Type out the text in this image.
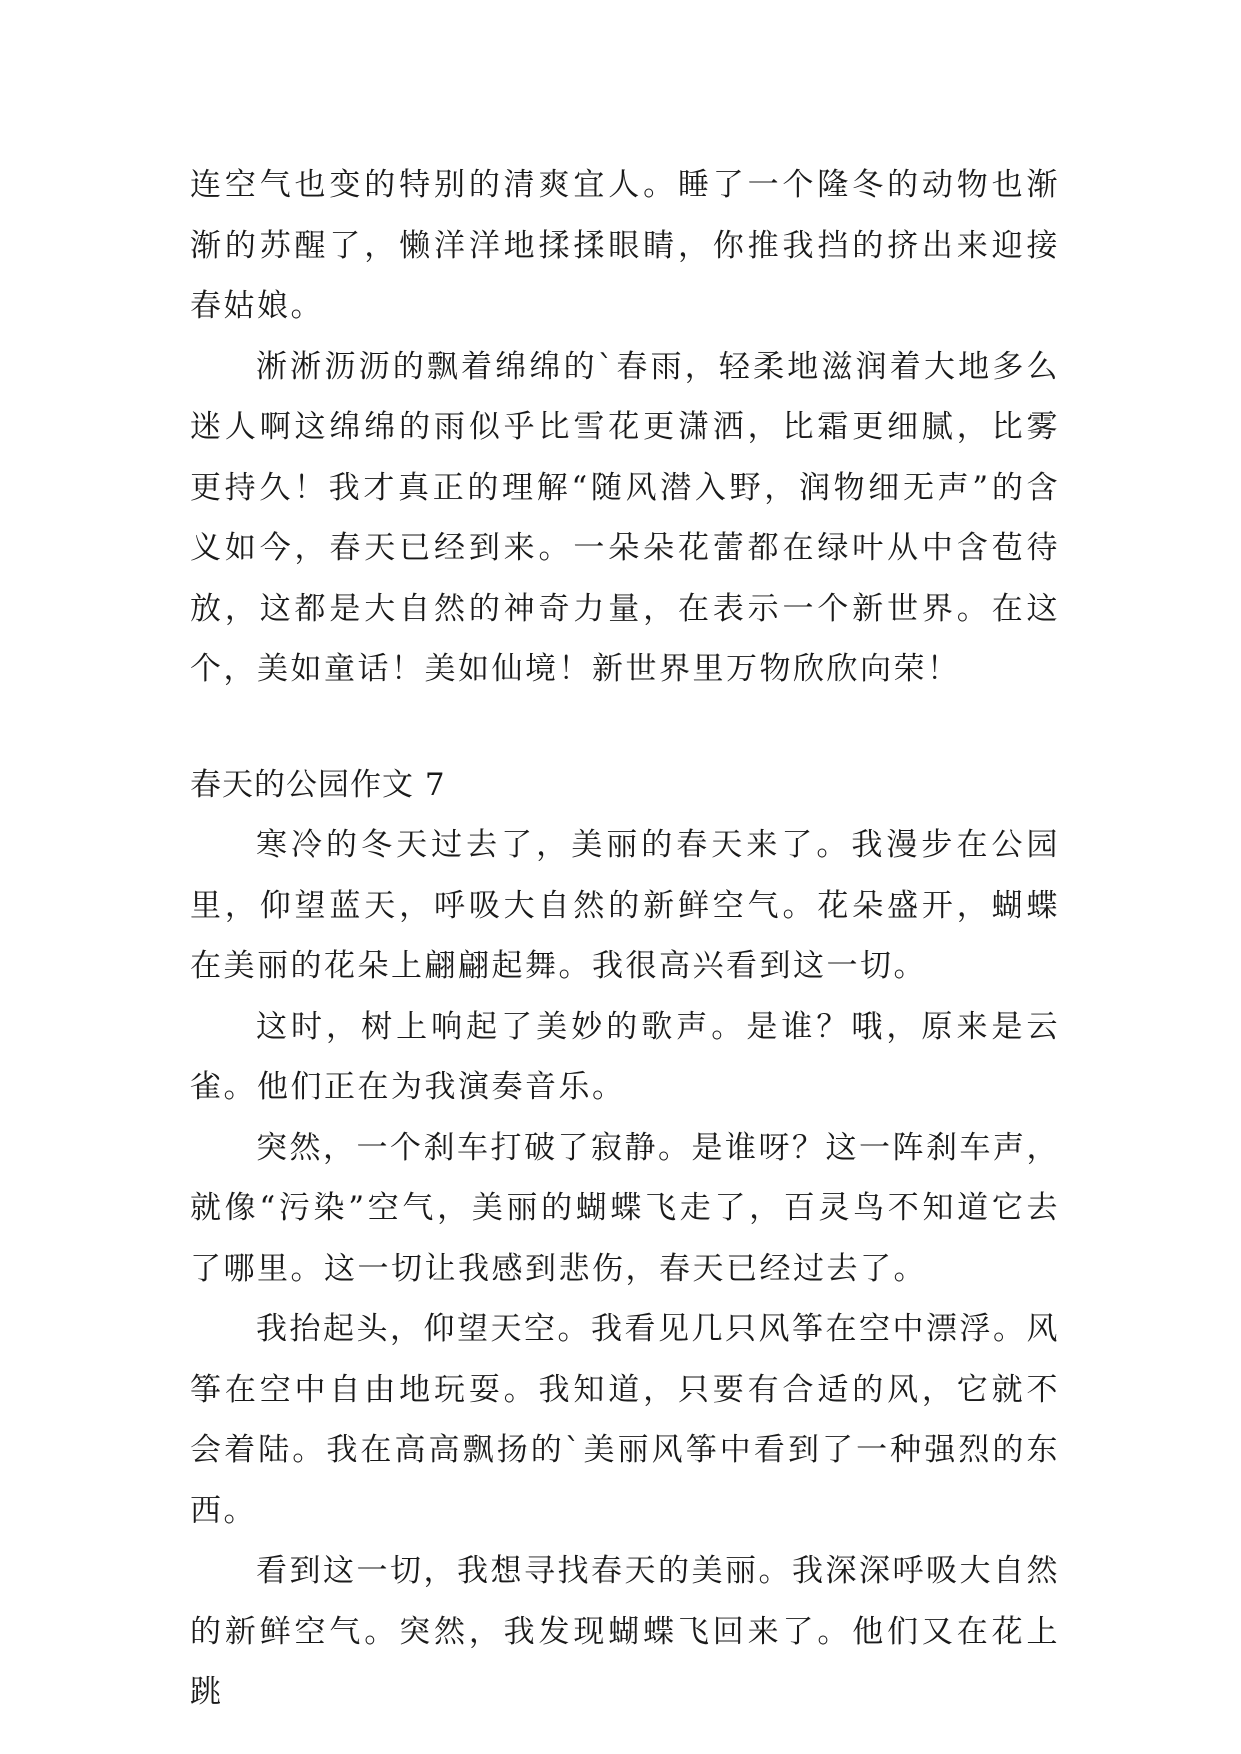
连空气也变的特别的清爽宜人。睡了一个隆冬的动物也渐渐的苏醒了，懒洋洋地揉揉眼睛，你推我挡的挤出来迎接春姑娘。

淅淅沥沥的飘着绵绵的`春雨，轻柔地滋润着大地多么迷人啊这绵绵的雨似乎比雪花更潇洒，比霜更细腻，比雾更持久！我才真正的理解“随风潜入野，润物细无声”的含义如今，春天已经到来。一朵朵花蕾都在绿叶从中含苞待放，这都是大自然的神奇力量，在表示一个新世界。在这个，美如童话！美如仙境！新世界里万物欣欣向荣！

春天的公园作文 7

寒冷的冬天过去了，美丽的春天来了。我漫步在公园里，仰望蓝天，呼吸大自然的新鲜空气。花朵盛开，蝴蝶在美丽的花朵上翩翩起舞。我很高兴看到这一切。

这时，树上响起了美妙的歌声。是谁？哦，原来是云雀。他们正在为我演奏音乐。

突然，一个刹车打破了寂静。是谁呀？这一阵刹车声，就像“污染”空气，美丽的蝴蝶飞走了，百灵鸟不知道它去了哪里。这一切让我感到悲伤，春天已经过去了。

我抬起头，仰望天空。我看见几只风筝在空中漂浮。风筝在空中自由地玩耍。我知道，只要有合适的风，它就不会着陆。我在高高飘扬的`美丽风筝中看到了一种强烈的东西。

看到这一切，我想寻找春天的美丽。我深深呼吸大自然的新鲜空气。突然，我发现蝴蝶飞回来了。他们又在花上跳
